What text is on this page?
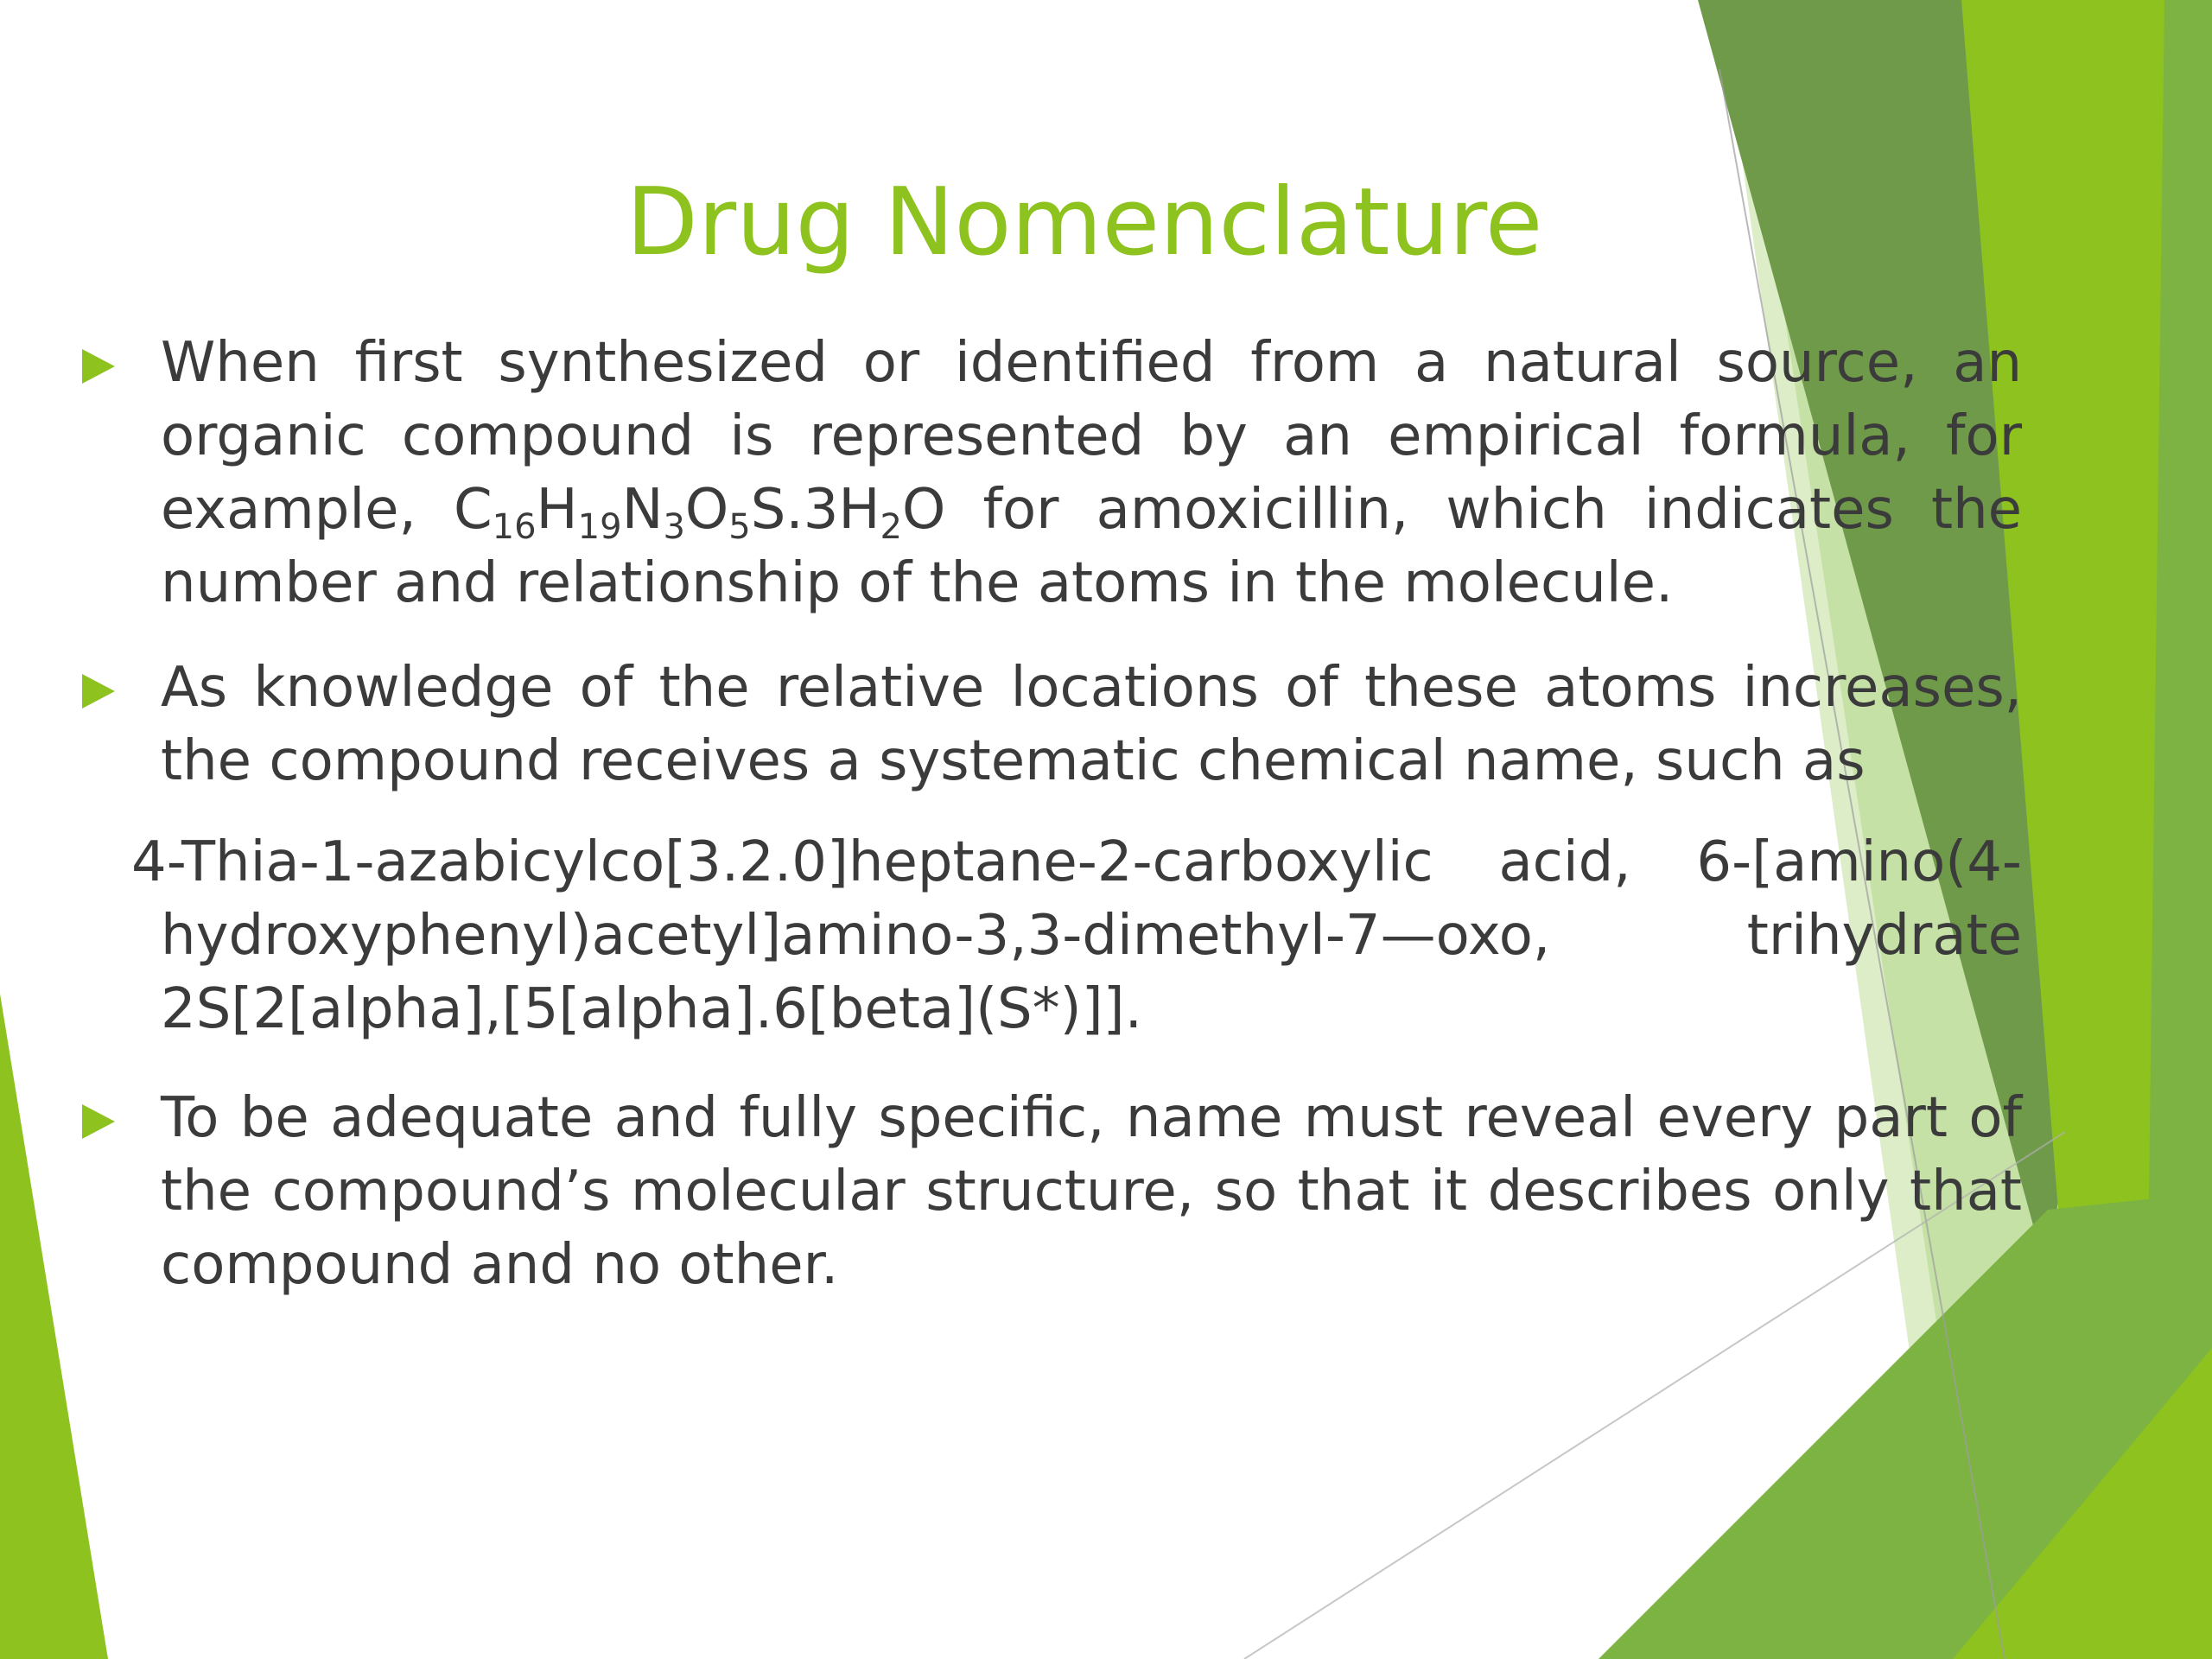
Drug Nomenclature
When first synthesized or identified from a natural source, an organic compound is represented by an empirical formula, for example, $C_{16}H_{19}N_3O_5S.3H_2O$ for amoxicillin, which indicates the number and relationship of the atoms in the molecule.
As knowledge of the relative locations of these atoms increases, the compound receives a systematic chemical name, such as
4-Thia-1-azabicylco[3.2.0]heptane-2-carboxylic acid, 6-[amino(4-
hydroxyphenyl)acetyl]amino-3,3-dimethyl-7—oxo, trihydrate
2S[2[alpha],[5[alpha].6[beta](S*)]].
To be adequate and fully specific, name must reveal every part of the compound’s molecular structure, so that it describes only that compound and no other.
